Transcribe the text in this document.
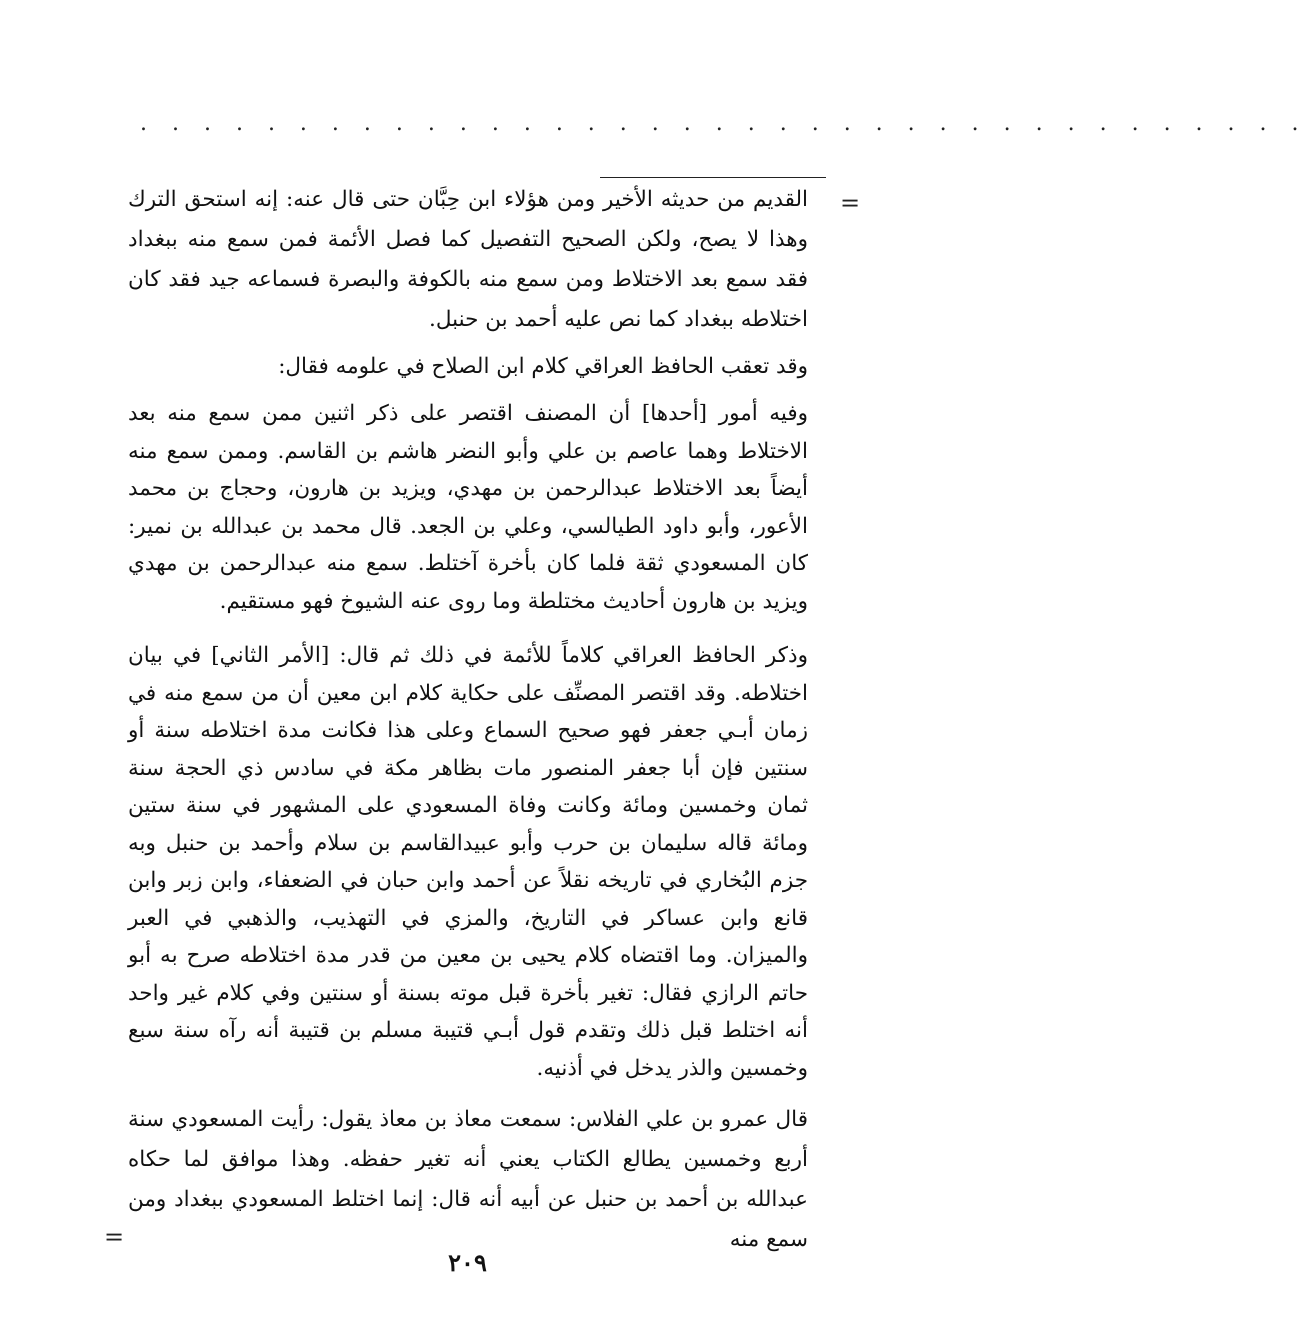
. . . . . . . . . . . . . . . . . . . . . . . . . . . . . . . . . . . . .
=

القديم من حديثه الأخير ومن هؤلاء ابن حِبَّان حتى قال عنه: إنه استحق الترك وهذا لا يصح، ولكن الصحيح التفصيل كما فصل الأئمة فمن سمع منه ببغداد فقد سمع بعد الاختلاط ومن سمع منه بالكوفة والبصرة فسماعه جيد فقد كان اختلاطه ببغداد كما نص عليه أحمد بن حنبل.

وقد تعقب الحافظ العراقي كلام ابن الصلاح في علومه فقال:

وفيه أمور [أحدها] أن المصنف اقتصر على ذكر اثنين ممن سمع منه بعد الاختلاط وهما عاصم بن علي وأبو النضر هاشم بن القاسم. وممن سمع منه أيضاً بعد الاختلاط عبدالرحمن بن مهدي، ويزيد بن هارون، وحجاج بن محمد الأعور، وأبو داود الطيالسي، وعلي بن الجعد. قال محمد بن عبدالله بن نمير: كان المسعودي ثقة فلما كان بأخرة آختلط. سمع منه عبدالرحمن بن مهدي ويزيد بن هارون أحاديث مختلطة وما روى عنه الشيوخ فهو مستقيم.

وذكر الحافظ العراقي كلاماً للأئمة في ذلك ثم قال: [الأمر الثاني] في بيان اختلاطه. وقد اقتصر المصنِّف على حكاية كلام ابن معين أن من سمع منه في زمان أبـي جعفر فهو صحيح السماع وعلى هذا فكانت مدة اختلاطه سنة أو سنتين فإن أبا جعفر المنصور مات بظاهر مكة في سادس ذي الحجة سنة ثمان وخمسين ومائة وكانت وفاة المسعودي على المشهور في سنة ستين ومائة قاله سليمان بن حرب وأبو عبيدالقاسم بن سلام وأحمد بن حنبل وبه جزم البُخاري في تاريخه نقلاً عن أحمد وابن حبان في الضعفاء، وابن زبر وابن قانع وابن عساكر في التاريخ، والمزي في التهذيب، والذهبي في العبر والميزان. وما اقتضاه كلام يحيى بن معين من قدر مدة اختلاطه صرح به أبو حاتم الرازي فقال: تغير بأخرة قبل موته بسنة أو سنتين وفي كلام غير واحد أنه اختلط قبل ذلك وتقدم قول أبـي قتيبة مسلم بن قتيبة أنه رآه سنة سبع وخمسين والذر يدخل في أذنيه.

قال عمرو بن علي الفلاس: سمعت معاذ بن معاذ يقول: رأيت المسعودي سنة أربع وخمسين يطالع الكتاب يعني أنه تغير حفظه. وهذا موافق لما حكاه عبدالله بن أحمد بن حنبل عن أبيه أنه قال: إنما اختلط المسعودي ببغداد ومن سمع منه

=
٢٠٩
